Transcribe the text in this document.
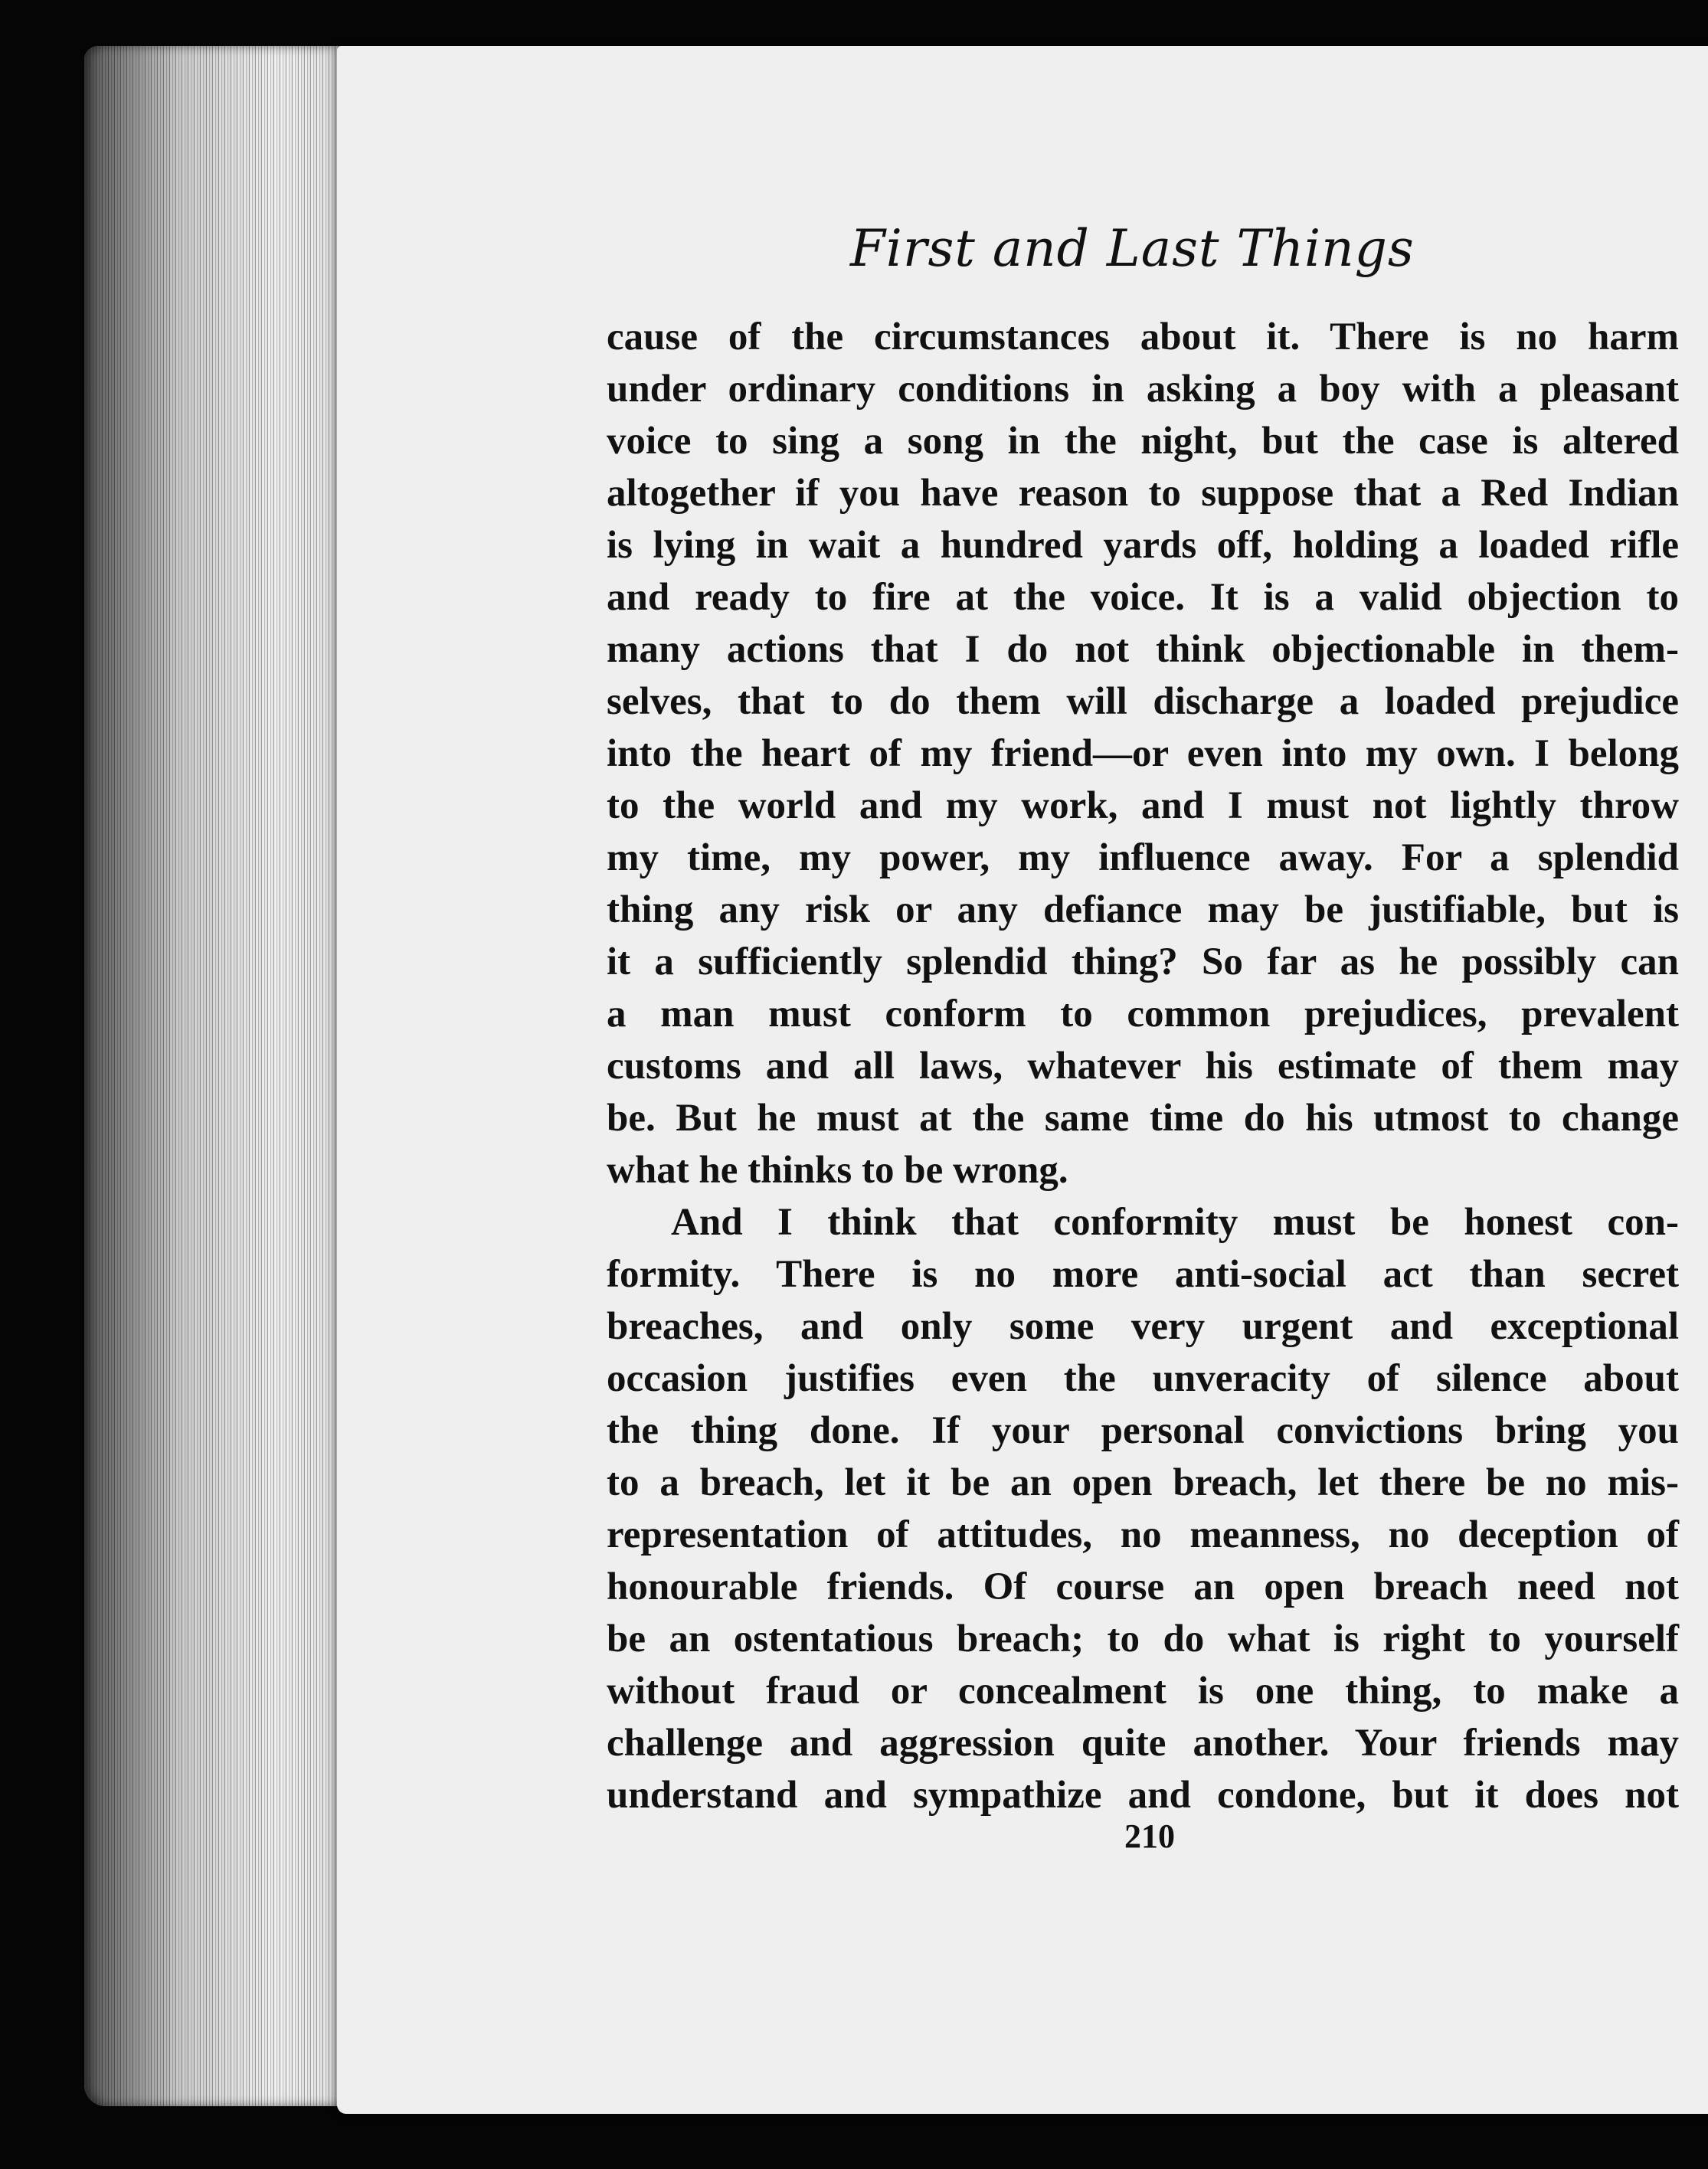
First and Last Things

cause of the circumstances about it. There is no harm
under ordinary conditions in asking a boy with a pleasant
voice to sing a song in the night, but the case is altered
altogether if you have reason to suppose that a Red Indian
is lying in wait a hundred yards off, holding a loaded rifle
and ready to fire at the voice. It is a valid objection to
many actions that I do not think objectionable in them-
selves, that to do them will discharge a loaded prejudice
into the heart of my friend—or even into my own. I belong
to the world and my work, and I must not lightly throw
my time, my power, my influence away. For a splendid
thing any risk or any defiance may be justifiable, but is
it a sufficiently splendid thing? So far as he possibly can
a man must conform to common prejudices, prevalent
customs and all laws, whatever his estimate of them may
be. But he must at the same time do his utmost to change
what he thinks to be wrong.

And I think that conformity must be honest con-
formity. There is no more anti-social act than secret
breaches, and only some very urgent and exceptional
occasion justifies even the unveracity of silence about
the thing done. If your personal convictions bring you
to a breach, let it be an open breach, let there be no mis-
representation of attitudes, no meanness, no deception of
honourable friends. Of course an open breach need not
be an ostentatious breach; to do what is right to yourself
without fraud or concealment is one thing, to make a
challenge and aggression quite another. Your friends may
understand and sympathize and condone, but it does not

210
